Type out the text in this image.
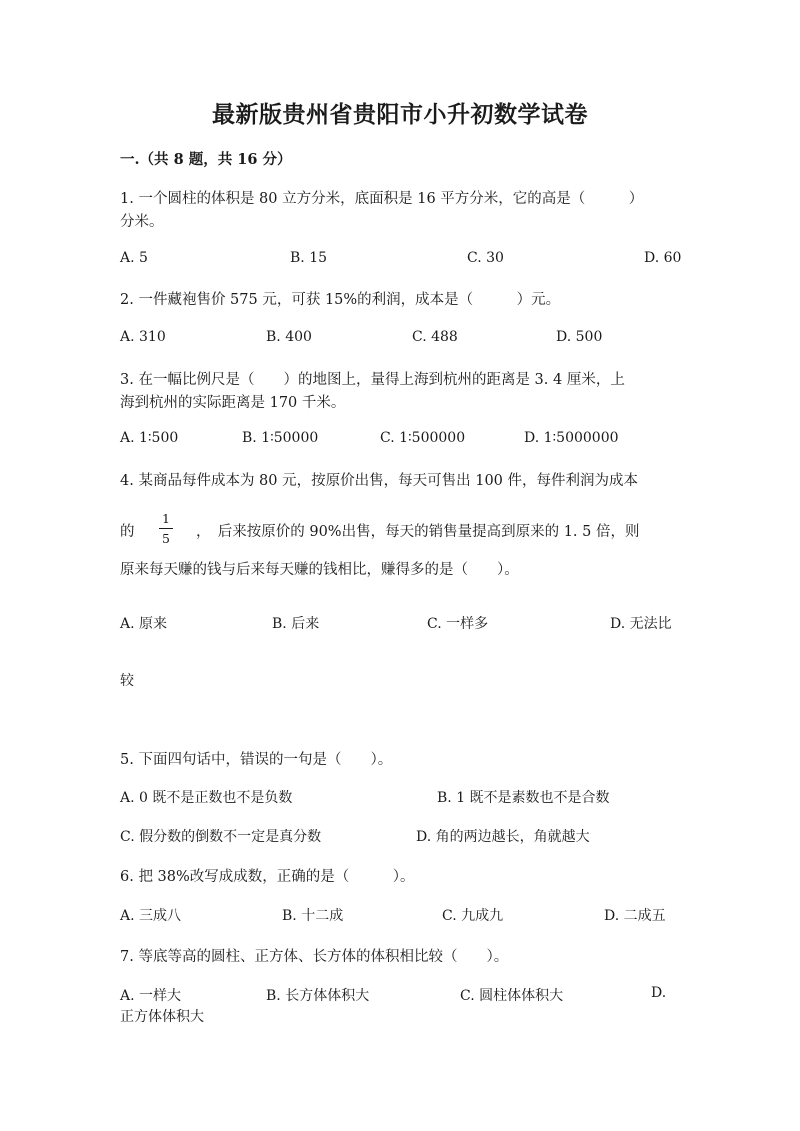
最新版贵州省贵阳市小升初数学试卷
一.（共 8 题，共 16 分）
1. 一个圆柱的体积是 80 立方分米，底面积是 16 平方分米，它的高是（　　　）
分米。
A. 5	B. 15	C. 30	D. 60
2. 一件藏袍售价 575 元，可获 15%的利润，成本是（　　　）元。
A. 310	B. 400	C. 488	D. 500
3. 在一幅比例尺是（　　）的地图上，量得上海到杭州的距离是 3. 4 厘米，上
海到杭州的实际距离是 170 千米。
A. 1∶500	B. 1∶50000	C. 1∶500000	D. 1∶5000000
4. 某商品每件成本为 80 元，按原价出售，每天可售出 100 件，每件利润为成本
的
1
5 ，　后来按原价的 90%出售，每天的销售量提高到原来的 1. 5 倍，则
原来每天赚的钱与后来每天赚的钱相比，赚得多的是（　　）。
A. 原来	B. 后来	C. 一样多	D. 无法比
较
5. 下面四句话中，错误的一句是（　　）。
A. 0 既不是正数也不是负数	B. 1 既不是素数也不是合数
C. 假分数的倒数不一定是真分数	D. 角的两边越长，角就越大
6. 把 38%改写成成数，正确的是（　　　）。
A. 三成八	B. 十二成	C. 九成九	D. 二成五
7. 等底等高的圆柱、正方体、长方体的体积相比较（　　）。
A. 一样大	B. 长方体体积大	C. 圆柱体体积大	D.
正方体体积大
